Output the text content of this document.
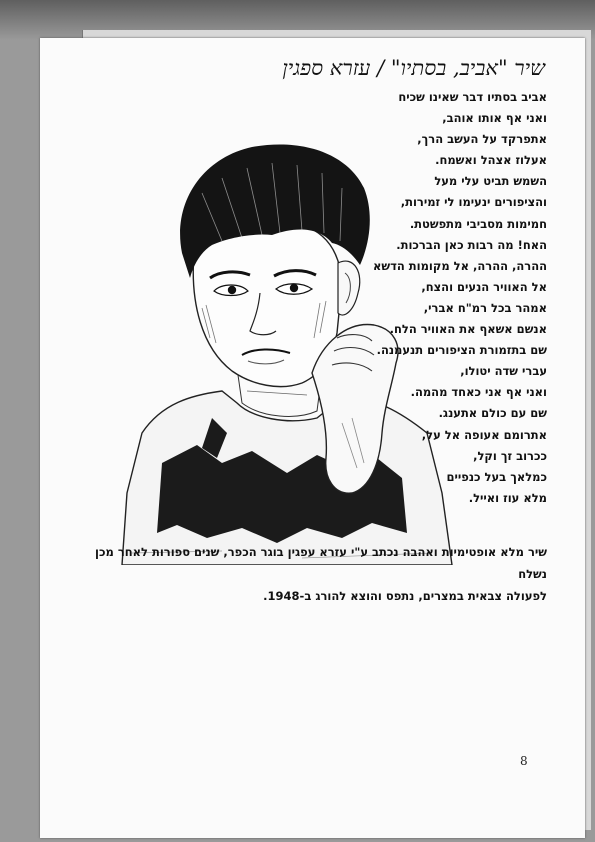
שיר "אביב, בסתיו" / עזרא ספגין
אביב בסתיו דבר שאינו שכיח
ואני אף אותו אוהב,
אתפרקד על העשב הרך,
אעלוז אצהל ואשמח.
השמש תביט עלי מעל
והציפורים ינעימו לי זמירות,
חמימות מסביבי מתפשטת.
האח! מה רבות כאן הברכות.
ההרה, ההרה, אל מקומות הדשא
אל האוויר הנעים והצח,
אמהר בכל רמ"ח אברי,
אנשם אשאף את האוויר הלח.
שם בתזמורת הציפורים תנעמנה.
עברי שדה יטולו,
ואני אף אני כאחד מהמה.
שם עם כולם אתענג.
אתרומם אעופה אל על,
ככרוב זך וקל,
כמלאך בעל כנפיים
מלא עוז ואייל.

שיר מלא אופטימיות ואהבה נכתב ע"י עזרא עפגין בוגר הכפר, שנים ספורות לאחר מכן נשלח

לפעולה צבאית במצרים, נתפס והוצא להורג ב-1948.

8
